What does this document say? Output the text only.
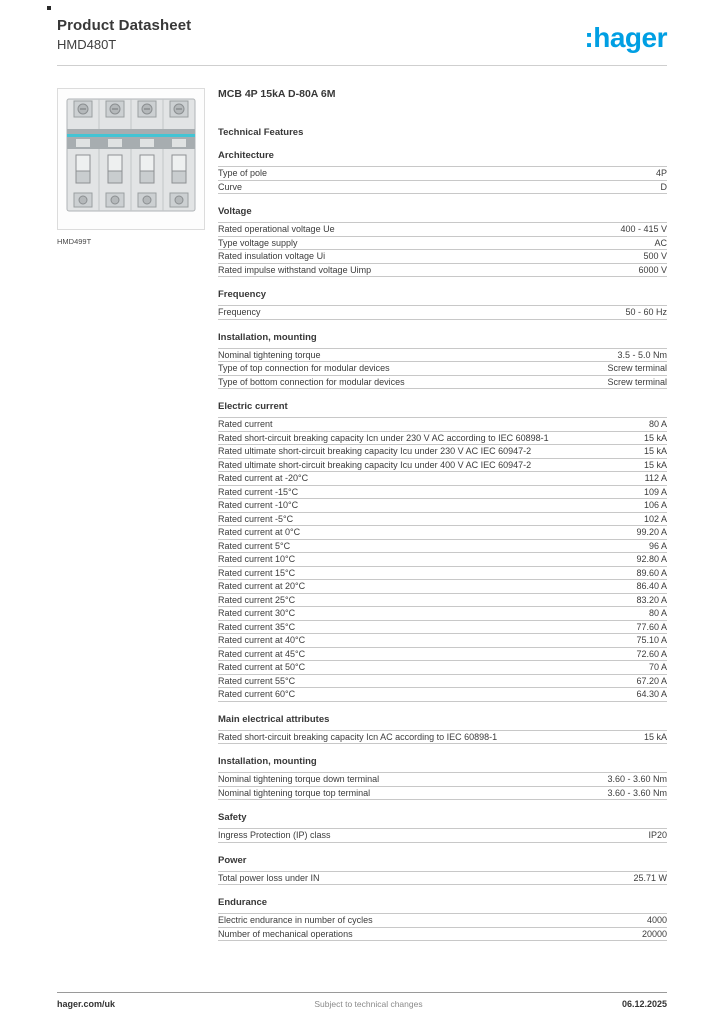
Product Datasheet
HMD480T	:hager
HMD499T
MCB 4P 15kA D-80A 6M
Technical Features
Architecture
Type of pole	4P
Curve	D
Voltage
Rated operational voltage Ue	400 - 415 V
Type voltage supply	AC
Rated insulation voltage Ui	500 V
Rated impulse withstand voltage Uimp	6000 V
Frequency
Frequency	50 - 60 Hz
Installation, mounting
Nominal tightening torque	3.5 - 5.0 Nm
Type of top connection for modular devices	Screw terminal
Type of bottom connection for modular devices	Screw terminal
Electric current
Rated current	80 A
Rated short-circuit breaking capacity Icn under 230 V AC according to IEC 60898-1	15 kA
Rated ultimate short-circuit breaking capacity Icu under 230 V AC IEC 60947-2	15 kA
Rated ultimate short-circuit breaking capacity Icu under 400 V AC IEC 60947-2	15 kA
Rated current at -20°C	112 A
Rated current -15°C	109 A
Rated current -10°C	106 A
Rated current -5°C	102 A
Rated current at 0°C	99.20 A
Rated current 5°C	96 A
Rated current 10°C	92.80 A
Rated current 15°C	89.60 A
Rated current at 20°C	86.40 A
Rated current 25°C	83.20 A
Rated current 30°C	80 A
Rated current 35°C	77.60 A
Rated current at 40°C	75.10 A
Rated current at 45°C	72.60 A
Rated current at 50°C	70 A
Rated current 55°C	67.20 A
Rated current 60°C	64.30 A
Main electrical attributes
Rated short-circuit breaking capacity Icn AC according to IEC 60898-1	15 kA
Installation, mounting
Nominal tightening torque down terminal	3.60 - 3.60 Nm
Nominal tightening torque top terminal	3.60 - 3.60 Nm
Safety
Ingress Protection (IP) class	IP20
Power
Total power loss under IN	25.71 W
Endurance
Electric endurance in number of cycles	4000
Number of mechanical operations	20000
hager.com/uk	Subject to technical changes	06.12.2025
